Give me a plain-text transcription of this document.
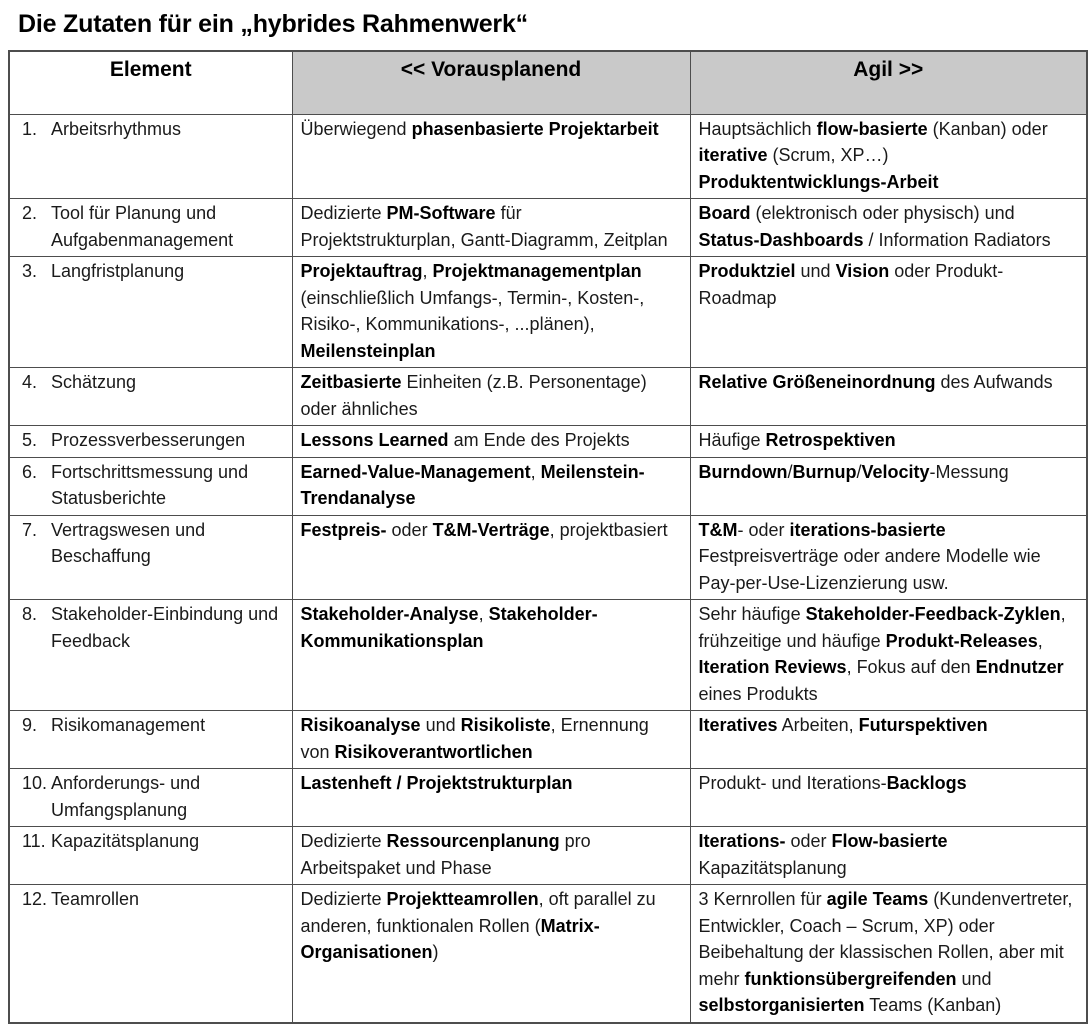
Die Zutaten für ein „hybrides Rahmenwerk“
Element	<< Vorausplanend	Agil >>
1. Arbeitsrhythmus	Überwiegend phasenbasierte Projektarbeit	Hauptsächlich flow-basierte (Kanban) oder iterative (Scrum, XP…) Produktentwicklungs-Arbeit
2. Tool für Planung und Aufgabenmanagement	Dedizierte PM-Software für Projektstrukturplan, Gantt-Diagramm, Zeitplan	Board (elektronisch oder physisch) und Status-Dashboards / Information Radiators
3. Langfristplanung	Projektauftrag, Projektmanagementplan (einschließlich Umfangs-, Termin-, Kosten-, Risiko-, Kommunikations-, ...plänen), Meilensteinplan	Produktziel und Vision oder Produkt-Roadmap
4. Schätzung	Zeitbasierte Einheiten (z.B. Personentage) oder ähnliches	Relative Größeneinordnung des Aufwands
5. Prozessverbesserungen	Lessons Learned am Ende des Projekts	Häufige Retrospektiven
6. Fortschrittsmessung und Statusberichte	Earned-Value-Management, Meilenstein-Trendanalyse	Burndown/Burnup/Velocity-Messung
7. Vertragswesen und Beschaffung	Festpreis- oder T&M-Verträge, projektbasiert	T&M- oder iterations-basierte Festpreisverträge oder andere Modelle wie Pay-per-Use-Lizenzierung usw.
8. Stakeholder-Einbindung und Feedback	Stakeholder-Analyse, Stakeholder-Kommunikationsplan	Sehr häufige Stakeholder-Feedback-Zyklen, frühzeitige und häufige Produkt-Releases, Iteration Reviews, Fokus auf den Endnutzer eines Produkts
9. Risikomanagement	Risikoanalyse und Risikoliste, Ernennung von Risikoverantwortlichen	Iteratives Arbeiten, Futurspektiven
10. Anforderungs- und Umfangsplanung	Lastenheft / Projektstrukturplan	Produkt- und Iterations-Backlogs
11. Kapazitätsplanung	Dedizierte Ressourcenplanung pro Arbeitspaket und Phase	Iterations- oder Flow-basierte Kapazitätsplanung
12. Teamrollen	Dedizierte Projektteamrollen, oft parallel zu anderen, funktionalen Rollen (Matrix-Organisationen)	3 Kernrollen für agile Teams (Kundenvertreter, Entwickler, Coach – Scrum, XP) oder Beibehaltung der klassischen Rollen, aber mit mehr funktionsübergreifenden und selbstorganisierten Teams (Kanban)
